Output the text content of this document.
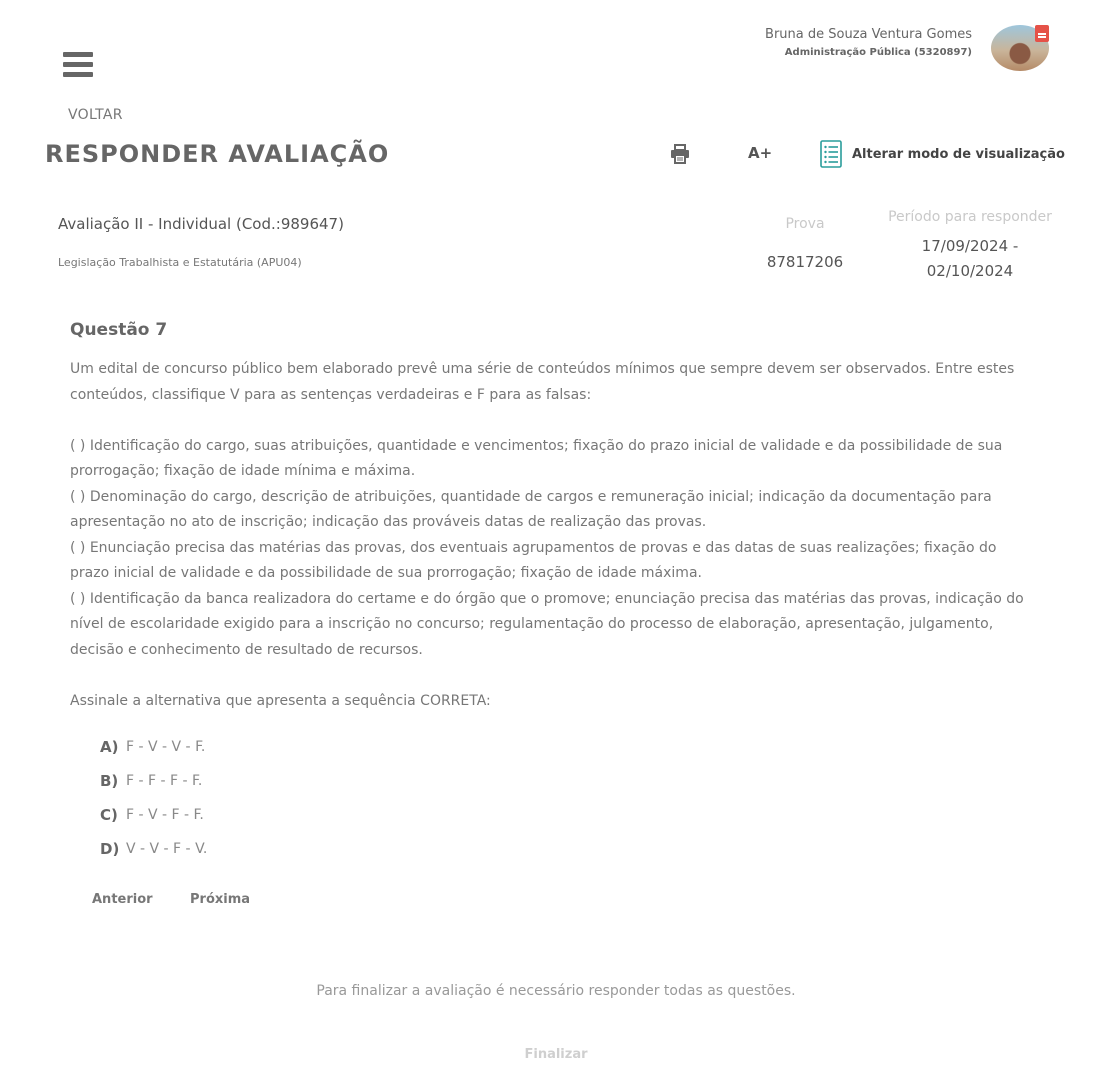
Bruna de Souza Ventura Gomes
Administração Pública (5320897)
VOLTAR
RESPONDER AVALIAÇÃO	A+	Alterar modo de visualização
Avaliação II - Individual (Cod.:989647)
Legislação Trabalhista e Estatutária (APU04)
Prova
87817206
Período para responder
17/09/2024 -
02/10/2024
Questão 7

Um edital de concurso público bem elaborado prevê uma série de conteúdos mínimos que sempre devem ser observados. Entre estes conteúdos, classifique V para as sentenças verdadeiras e F para as falsas:

( ) Identificação do cargo, suas atribuições, quantidade e vencimentos; fixação do prazo inicial de validade e da possibilidade de sua prorrogação; fixação de idade mínima e máxima.

( ) Denominação do cargo, descrição de atribuições, quantidade de cargos e remuneração inicial; indicação da documentação para apresentação no ato de inscrição; indicação das prováveis datas de realização das provas.

( ) Enunciação precisa das matérias das provas, dos eventuais agrupamentos de provas e das datas de suas realizações; fixação do prazo inicial de validade e da possibilidade de sua prorrogação; fixação de idade máxima.

( ) Identificação da banca realizadora do certame e do órgão que o promove; enunciação precisa das matérias das provas, indicação do nível de escolaridade exigido para a inscrição no concurso; regulamentação do processo de elaboração, apresentação, julgamento, decisão e conhecimento de resultado de recursos.

Assinale a alternativa que apresenta a sequência CORRETA:

A) F - V - V - F.
B) F - F - F - F.
C) F - V - F - F.
D) V - V - F - V.
Anterior	Próxima
Para finalizar a avaliação é necessário responder todas as questões.
Finalizar
